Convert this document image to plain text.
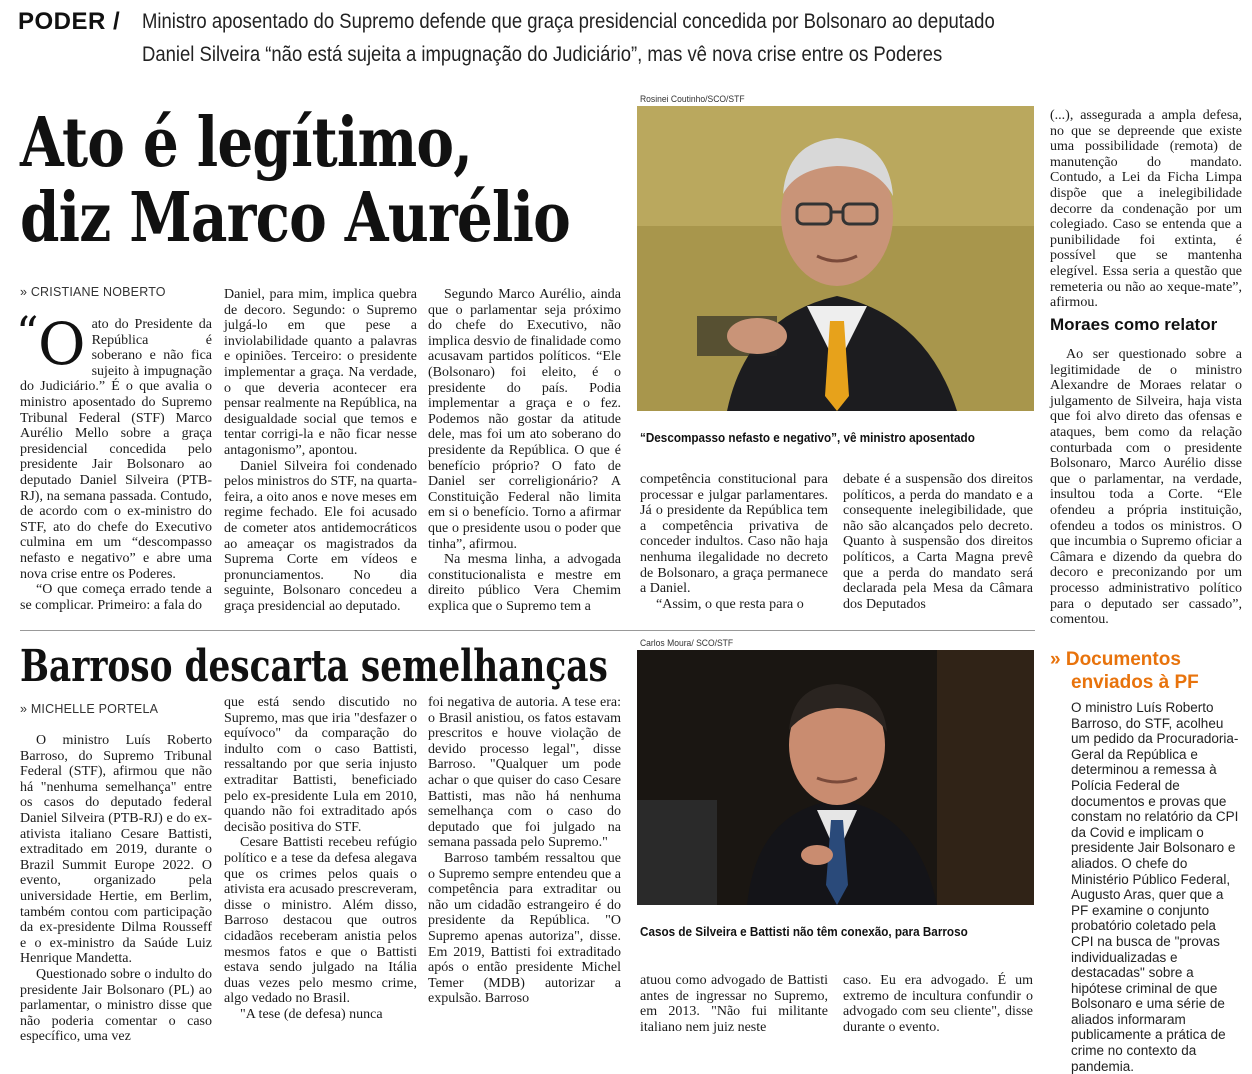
PODER / Ministro aposentado do Supremo defende que graça presidencial concedida por Bolsonaro ao deputado
Daniel Silveira “não está sujeita a impugnação do Judiciário”, mas vê nova crise entre os Poderes
Ato é legítimo,
diz Marco Aurélio
» CRISTIANE NOBERTO
“ O ato do Presidente da República é soberano e não fica sujeito à impugnação do Judiciário.” É o que avalia o ministro aposentado do Supremo Tribunal Federal (STF) Marco Aurélio Mello sobre a graça presidencial concedida pelo presidente Jair Bolsonaro ao deputado Daniel Silveira (PTB-RJ), na semana passada. Contudo, de acordo com o ex-ministro do STF, ato do chefe do Executivo culmina em um “descompasso nefasto e negativo” e abre uma nova crise entre os Poderes.

“O que começa errado tende a se complicar. Primeiro: a fala do

Daniel, para mim, implica quebra de decoro. Segundo: o Supremo julgá-lo em que pese a inviolabilidade quanto a palavras e opiniões. Terceiro: o presidente implementar a graça. Na verdade, o que deveria acontecer era pensar realmente na República, na desigualdade social que temos e tentar corrigi-la e não ficar nesse antagonismo”, apontou.

Daniel Silveira foi condenado pelos ministros do STF, na quarta-feira, a oito anos e nove meses em regime fechado. Ele foi acusado de cometer atos antidemocráticos ao ameaçar os magistrados da Suprema Corte em vídeos e pronunciamentos. No dia seguinte, Bolsonaro concedeu a graça presidencial ao deputado.

Segundo Marco Aurélio, ainda que o parlamentar seja próximo do chefe do Executivo, não implica desvio de finalidade como acusavam partidos políticos. “Ele (Bolsonaro) foi eleito, é o presidente do país. Podia implementar a graça e o fez. Podemos não gostar da atitude dele, mas foi um ato soberano do presidente da República. O que é benefício próprio? O fato de Daniel ser correligionário? A Constituição Federal não limita em si o benefício. Torno a afirmar que o presidente usou o poder que tinha”, afirmou.

Na mesma linha, a advogada constitucionalista e mestre em direito público Vera Chemim explica que o Supremo tem a

Rosinei Coutinho/SCO/STF
“Descompasso nefasto e negativo”, vê ministro aposentado

competência constitucional para processar e julgar parlamentares. Já o presidente da República tem a competência privativa de conceder indultos. Caso não haja nenhuma ilegalidade no decreto de Bolsonaro, a graça permanece a Daniel.

“Assim, o que resta para o

debate é a suspensão dos direitos políticos, a perda do mandato e a consequente inelegibilidade, que não são alcançados pelo decreto. Quanto à suspensão dos direitos políticos, a Carta Magna prevê que a perda do mandato será declarada pela Mesa da Câmara dos Deputados

(...), assegurada a ampla defesa, no que se depreende que existe uma possibilidade (remota) de manutenção do mandato. Contudo, a Lei da Ficha Limpa dispõe que a inelegibilidade decorre da condenação por um colegiado. Caso se entenda que a punibilidade foi extinta, é possível que se mantenha elegível. Essa seria a questão que remeteria ou não ao xeque-mate”, afirmou.

Moraes como relator

Ao ser questionado sobre a legitimidade de o ministro Alexandre de Moraes relatar o julgamento de Silveira, haja vista que foi alvo direto das ofensas e ataques, bem como da relação conturbada com o presidente Bolsonaro, Marco Aurélio disse que o parlamentar, na verdade, insultou toda a Corte. “Ele ofendeu a própria instituição, ofendeu a todos os ministros. O que incumbia o Supremo oficiar a Câmara e dizendo da quebra do decoro e preconizando por um processo administrativo político para o deputado ser cassado”, comentou.

Barroso descarta semelhanças
» MICHELLE PORTELA

O ministro Luís Roberto Barroso, do Supremo Tribunal Federal (STF), afirmou que não há "nenhuma semelhança" entre os casos do deputado federal Daniel Silveira (PTB-RJ) e do ex-ativista italiano Cesare Battisti, extraditado em 2019, durante o Brazil Summit Europe 2022. O evento, organizado pela universidade Hertie, em Berlim, também contou com participação da ex-presidente Dilma Rousseff e o ex-ministro da Saúde Luiz Henrique Mandetta.

Questionado sobre o indulto do presidente Jair Bolsonaro (PL) ao parlamentar, o ministro disse que não poderia comentar o caso específico, uma vez

que está sendo discutido no Supremo, mas que iria "desfazer o equívoco" da comparação do indulto com o caso Battisti, ressaltando por que seria injusto extraditar Battisti, beneficiado pelo ex-presidente Lula em 2010, quando não foi extraditado após decisão positiva do STF.

Cesare Battisti recebeu refúgio político e a tese da defesa alegava que os crimes pelos quais o ativista era acusado prescreveram, disse o ministro. Além disso, Barroso destacou que outros cidadãos receberam anistia pelos mesmos fatos e que o Battisti estava sendo julgado na Itália duas vezes pelo mesmo crime, algo vedado no Brasil.

"A tese (de defesa) nunca

foi negativa de autoria. A tese era: o Brasil anistiou, os fatos estavam prescritos e houve violação de devido processo legal", disse Barroso. "Qualquer um pode achar o que quiser do caso Cesare Battisti, mas não há nenhuma semelhança com o caso do deputado que foi julgado na semana passada pelo Supremo."

Barroso também ressaltou que o Supremo sempre entendeu que a competência para extraditar ou não um cidadão estrangeiro é do presidente da República. "O Supremo apenas autoriza", disse. Em 2019, Battisti foi extraditado após o então presidente Michel Temer (MDB) autorizar a expulsão. Barroso

Carlos Moura/ SCO/STF
Casos de Silveira e Battisti não têm conexão, para Barroso

atuou como advogado de Battisti antes de ingressar no Supremo, em 2013. "Não fui militante italiano nem juiz neste

caso. Eu era advogado. É um extremo de incultura confundir o advogado com seu cliente", disse durante o evento.

» Documentos
enviados à PF
O ministro Luís Roberto Barroso, do STF, acolheu um pedido da Procuradoria-Geral da República e determinou a remessa à Polícia Federal de documentos e provas que constam no relatório da CPI da Covid e implicam o presidente Jair Bolsonaro e aliados. O chefe do Ministério Público Federal, Augusto Aras, quer que a PF examine o conjunto probatório coletado pela CPI na busca de "provas individualizadas e destacadas" sobre a hipótese criminal de que Bolsonaro e uma série de aliados informaram publicamente a prática de crime no contexto da pandemia.
